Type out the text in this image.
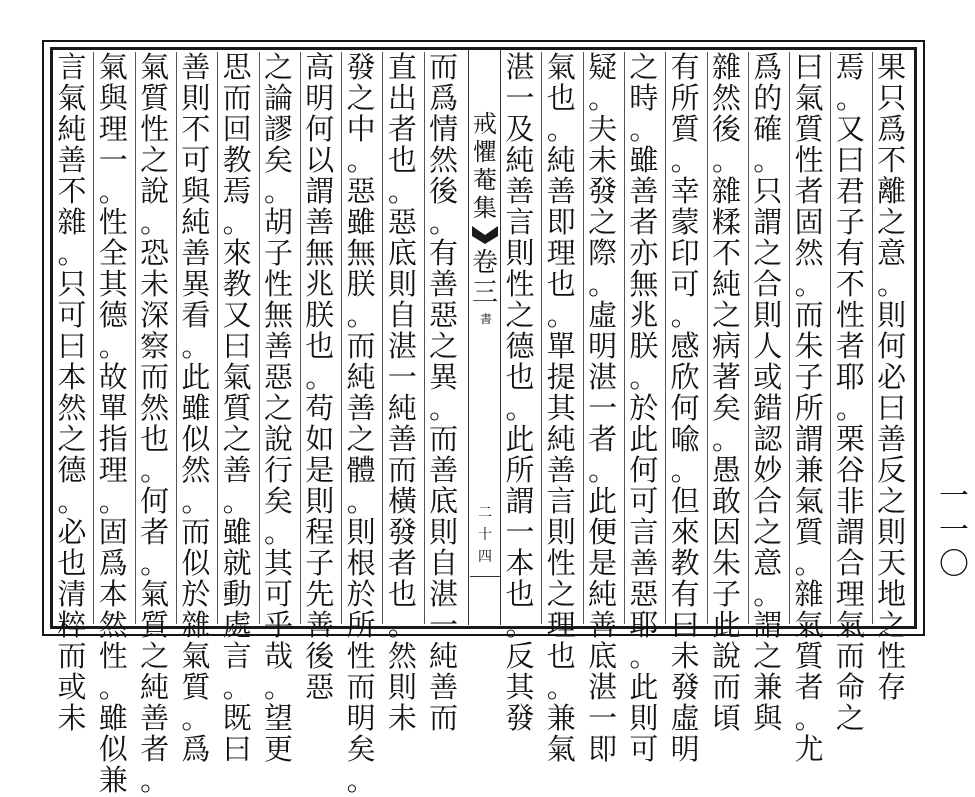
果
只
爲
不
離
之
意
。
則
何
必
曰
善
反
之
則
天
地
之
性
存
焉
。
又
曰
君
子
有
不
性
者
耶
。
栗
谷
非
謂
合
理
氣
而
命
之
曰
氣
質
性
者
固
然
。
而
朱
子
所
謂
兼
氣
質
。
雜
氣
質
者
。
尤
爲
的
確
。
只
謂
之
合
則
人
或
錯
認
妙
合
之
意
。
謂
之
兼
與
雜
然
後
。
雜
糅
不
純
之
病
著
矣
。
愚
敢
因
朱
子
此
說
而
頃
有
所
質
。
幸
蒙
印
可
。
感
欣
何
喩
。
但
來
教
有
曰
未
發
虛
明
之
時
。
雖
善
者
亦
無
兆
朕
。
於
此
何
可
言
善
惡
耶
。
此
則
可
疑
。
夫
未
發
之
際
。
虛
明
湛
一
者
。
此
便
是
純
善
底
湛
一
即
氣
也
。
純
善
即
理
也
。
單
提
其
純
善
言
則
性
之
理
也
。
兼
氣
湛
一
及
純
善
言
則
性
之
德
也
。
此
所
謂
一
本
也
。
反
其
發
而
爲
情
然
後
。
有
善
惡
之
異
。
而
善
底
則
自
湛
一
純
善
而
直
出
者
也
。
惡
底
則
自
湛
一
純
善
而
橫
發
者
也
。
然
則
未
發
之
中
。
惡
雖
無
朕
。
而
純
善
之
體
。
則
根
於
所
性
而
明
矣
。
高
明
何
以
謂
善
無
兆
朕
也
。
苟
如
是
則
程
子
先
善
後
惡
之
論
謬
矣
。
胡
子
性
無
善
惡
之
說
行
矣
。
其
可
乎
哉
。
望
更
思
而
回
教
焉
。
來
教
又
曰
氣
質
之
善
。
雖
就
動
處
言
。
既
曰
善
則
不
可
與
純
善
異
看
。
此
雖
似
然
。
而
似
於
雜
氣
質
。
爲
氣
質
性
之
說
。
恐
未
深
察
而
然
也
。
何
者
。
氣
質
之
純
善
者
。
氣
與
理
一
。
性
全
其
德
。
故
單
指
理
。
固
爲
本
然
性
。
雖
似
兼
言
氣
純
善
不
雜
。
只
可
曰
本
然
之
德
。
必
也
清
粹
而
或
未
戒
懼
菴
集
卷
三
書
二
十
四
一
一
〇
